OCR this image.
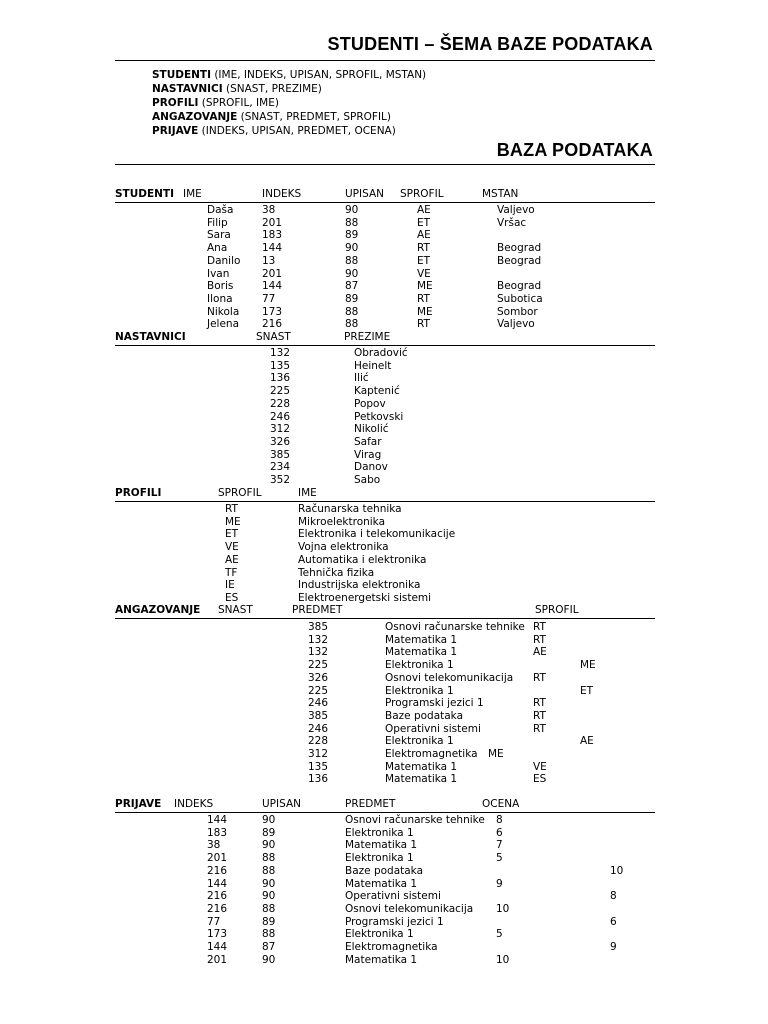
STUDENTI – ŠEMA BAZE PODATAKA
STUDENTI (IME, INDEKS, UPISAN, SPROFIL, MSTAN)
NASTAVNICI (SNAST, PREZIME)
PROFILI (SPROFIL, IME)
ANGAZOVANJE (SNAST, PREDMET, SPROFIL)
PRIJAVE (INDEKS, UPISAN, PREDMET, OCENA)
BAZA PODATAKA
STUDENTI IME	INDEKS	UPISAN SPROFIL	MSTAN
Daša	38	90	AE	Valjevo
Filip	201	88	ET	Vršac
Sara	183	89	AE
Ana	144	90	RT	Beograd
Danilo 13	88	ET	Beograd
Ivan	201	90	VE
Boris	144	87	ME	Beograd
Ilona	77	89	RT	Subotica
Nikola 173	88	ME	Sombor
Jelena 216	88	RT	Valjevo
NASTAVNICI	SNAST	PREZIME
132	Obradović
135	Heinelt
136	Ilić
225	Kaptenić
228	Popov
246	Petkovski
312	Nikolić
326	Safar
385	Virag
234	Danov
352	Sabo
PROFILI	SPROFIL	IME
RT	Računarska tehnika
ME	Mikroelektronika
ET	Elektronika i telekomunikacije
VE	Vojna elektronika
AE	Automatika i elektronika
TF	Tehnička fizika
IE	Industrijska elektronika
ES	Elektroenergetski sistemi
ANGAZOVANJE SNAST	PREDMET	SPROFIL
385	Osnovi računarske tehnike RT
132	Matematika 1	RT
132	Matematika 1	AE
225	Elektronika 1	ME
326	Osnovi telekomunikacija RT
225	Elektronika 1	ET
246	Programski jezici 1	RT
385	Baze podataka	RT
246	Operativni sistemi	RT
228	Elektronika 1	AE
312	Elektromagnetika ME
135	Matematika 1	VE
136	Matematika 1	ES
PRIJAVE INDEKS	UPISAN	PREDMET	OCENA
144	90	Osnovi računarske tehnike 8
183	89	Elektronika 1	6
38	90	Matematika 1	7
201	88	Elektronika 1	5
216	88	Baze podataka	10
144	90	Matematika 1	9
216	90	Operativni sistemi	8
216	88	Osnovi telekomunikacija 10
77	89	Programski jezici 1	6
173	88	Elektronika 1	5
144	87	Elektromagnetika	9
201	90	Matematika 1	10
